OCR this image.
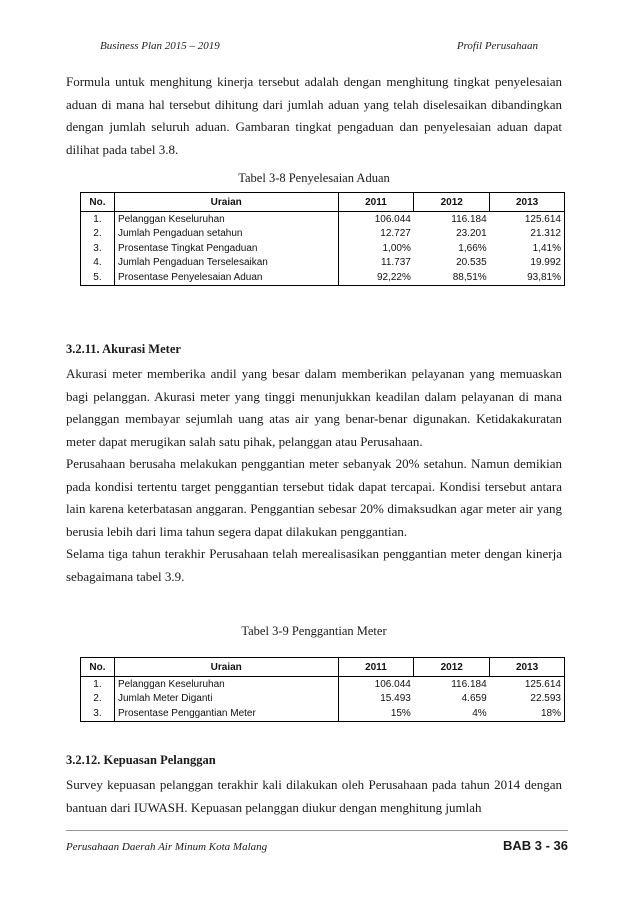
Business Plan 2015 – 2019	Profil Perusahaan

Formula untuk menghitung kinerja tersebut adalah dengan menghitung tingkat penyelesaian aduan di mana hal tersebut dihitung dari jumlah aduan yang telah diselesaikan dibandingkan dengan jumlah seluruh aduan. Gambaran tingkat pengaduan dan penyelesaian aduan dapat dilihat pada tabel 3.8.

Tabel 3-8 Penyelesaian Aduan

No.	Uraian	2011	2012	2013
1.	Pelanggan Keseluruhan	106.044	116.184	125.614
2.	Jumlah Pengaduan setahun	12.727	23.201	21.312
3.	Prosentase Tingkat Pengaduan	1,00%	1,66%	1,41%
4.	Jumlah Pengaduan Terselesaikan	11.737	20.535	19.992
5.	Prosentase Penyelesaian Aduan	92,22%	88,51%	93,81%

3.2.11. Akurasi Meter

Akurasi meter memberika andil yang besar dalam memberikan pelayanan yang memuaskan bagi pelanggan. Akurasi meter yang tinggi menunjukkan keadilan dalam pelayanan di mana pelanggan membayar sejumlah uang atas air yang benar-benar digunakan. Ketidakakuratan meter dapat merugikan salah satu pihak, pelanggan atau Perusahaan.

Perusahaan berusaha melakukan penggantian meter sebanyak 20% setahun. Namun demikian pada kondisi tertentu target penggantian tersebut tidak dapat tercapai. Kondisi tersebut antara lain karena keterbatasan anggaran. Penggantian sebesar 20% dimaksudkan agar meter air yang berusia lebih dari lima tahun segera dapat dilakukan penggantian.

Selama tiga tahun terakhir Perusahaan telah merealisasikan penggantian meter dengan kinerja sebagaimana tabel 3.9.

Tabel 3-9 Penggantian Meter

No.	Uraian	2011	2012	2013
1.	Pelanggan Keseluruhan	106.044	116.184	125.614
2.	Jumlah Meter Diganti	15.493	4.659	22.593
3.	Prosentase Penggantian Meter	15%	4%	18%

3.2.12. Kepuasan Pelanggan

Survey kepuasan pelanggan terakhir kali dilakukan oleh Perusahaan pada tahun 2014 dengan bantuan dari IUWASH. Kepuasan pelanggan diukur dengan menghitung jumlah

Perusahaan Daerah Air Minum Kota Malang	BAB 3 - 36
